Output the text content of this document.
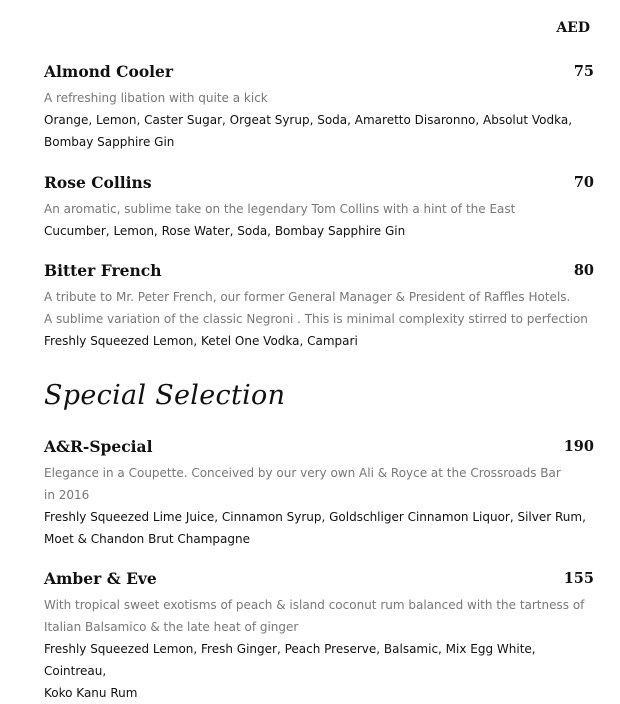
AED
Almond Cooler	75

A refreshing libation with quite a kick

Orange, Lemon, Caster Sugar, Orgeat Syrup, Soda, Amaretto Disaronno, Absolut Vodka,

Bombay Sapphire Gin

Rose Collins	70

An aromatic, sublime take on the legendary Tom Collins with a hint of the East

Cucumber, Lemon, Rose Water, Soda, Bombay Sapphire Gin

Bitter French	80

A tribute to Mr. Peter French, our former General Manager & President of Raffles Hotels.

A sublime variation of the classic Negroni . This is minimal complexity stirred to perfection

Freshly Squeezed Lemon, Ketel One Vodka, Campari

Special Selection
A&R-Special	190

Elegance in a Coupette. Conceived by our very own Ali & Royce at the Crossroads Bar

in 2016

Freshly Squeezed Lime Juice, Cinnamon Syrup, Goldschliger Cinnamon Liquor, Silver Rum,

Moet & Chandon Brut Champagne

Amber & Eve	155

With tropical sweet exotisms of peach & island coconut rum balanced with the tartness of

Italian Balsamico & the late heat of ginger

Freshly Squeezed Lemon, Fresh Ginger, Peach Preserve, Balsamic, Mix Egg White, Cointreau,

Koko Kanu Rum
